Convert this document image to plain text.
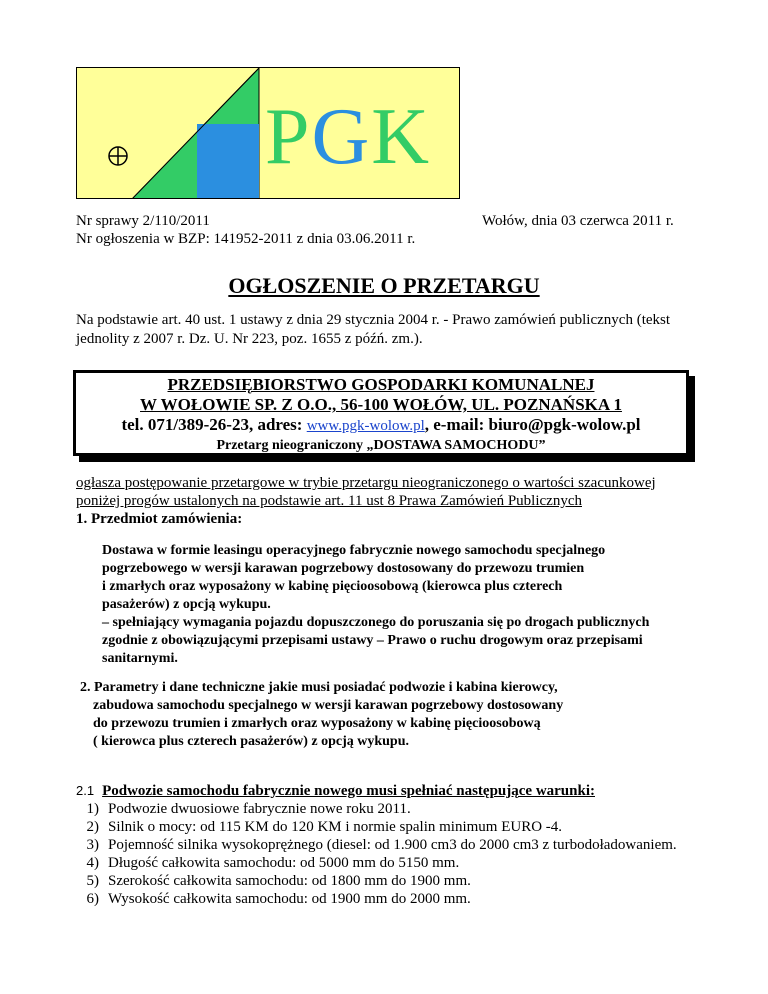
PGK
Nr sprawy 2/110/2011
Nr ogłoszenia w BZP: 141952-2011 z dnia 03.06.2011 r.
Wołów, dnia 03 czerwca 2011 r.
OGŁOSZENIE O PRZETARGU
Na podstawie art. 40 ust. 1 ustawy z dnia 29 stycznia 2004 r. - Prawo zamówień publicznych (tekst jednolity z 2007 r. Dz. U. Nr 223, poz. 1655 z późń. zm.).
PRZEDSIĘBIORSTWO GOSPODARKI KOMUNALNEJ
W WOŁOWIE SP. Z O.O., 56-100 WOŁÓW, UL. POZNAŃSKA 1
tel. 071/389-26-23, adres: www.pgk-wolow.pl, e-mail: biuro@pgk-wolow.pl
Przetarg nieograniczony „DOSTAWA SAMOCHODU”
ogłasza postępowanie przetargowe w trybie przetargu nieograniczonego o wartości szacunkowej
poniżej progów ustalonych na podstawie art. 11 ust 8 Prawa Zamówień Publicznych
1. Przedmiot zamówienia:
Dostawa w formie leasingu operacyjnego fabrycznie nowego samochodu specjalnego
pogrzebowego w wersji karawan pogrzebowy dostosowany do przewozu trumien
i zmarłych oraz wyposażony w kabinę pięcioosobową (kierowca plus czterech
pasażerów) z opcją wykupu.
– spełniający wymagania pojazdu dopuszczonego do poruszania się po drogach publicznych
zgodnie z obowiązującymi przepisami ustawy – Prawo o ruchu drogowym oraz przepisami
sanitarnymi.
2. Parametry i dane techniczne jakie musi posiadać podwozie i kabina kierowcy,
zabudowa samochodu specjalnego w wersji karawan pogrzebowy dostosowany
do przewozu trumien i zmarłych oraz wyposażony w kabinę pięcioosobową
( kierowca plus czterech pasażerów) z opcją wykupu.
2.1 Podwozie samochodu fabrycznie nowego musi spełniać następujące warunki:
1) Podwozie dwuosiowe fabrycznie nowe roku 2011.
2) Silnik o mocy: od 115 KM do 120 KM i normie spalin minimum EURO -4.
3) Pojemność silnika wysokoprężnego (diesel: od 1.900 cm3 do 2000 cm3 z turbodoładowaniem.
4) Długość całkowita samochodu: od 5000 mm do 5150 mm.
5) Szerokość całkowita samochodu: od 1800 mm do 1900 mm.
6) Wysokość całkowita samochodu: od 1900 mm do 2000 mm.
